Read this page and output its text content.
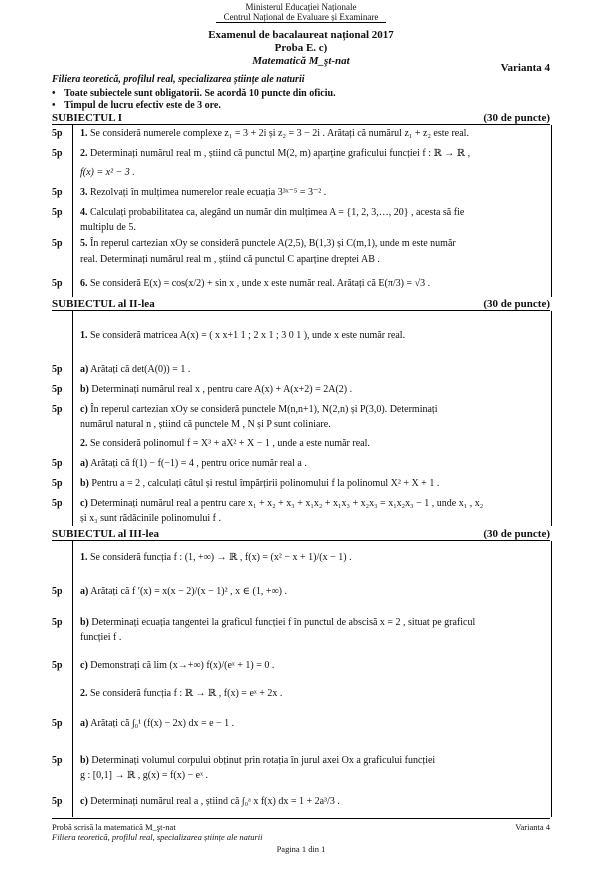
Ministerul Educației Naționale
Centrul Național de Evaluare și Examinare
Examenul de bacalaureat național 2017
Proba E. c)
Matematică M_şt-nat
Varianta 4
Filiera teoretică, profilul real, specializarea științe ale naturii
• Toate subiectele sunt obligatorii. Se acordă 10 puncte din oficiu.
• Timpul de lucru efectiv este de 3 ore.
SUBIECTUL I	(30 de puncte)
5p	1. Se consideră numerele complexe z₁ = 3 + 2i și z₂ = 3 − 2i . Arătați că numărul z₁ + z₂ este real.
5p	2. Determinați numărul real m , știind că punctul M(2, m) aparține graficului funcției f : ℝ → ℝ ,
f(x) = x² − 3 .
5p	3. Rezolvați în mulțimea numerelor reale ecuația 3³ˣ⁻⁵ = 3⁻² .
5p	4. Calculați probabilitatea ca, alegând un număr din mulțimea A = {1, 2, 3,…, 20} , acesta să fie
multiplu de 5.
5p	5. În reperul cartezian xOy se consideră punctele A(2,5), B(1,3) și C(m,1), unde m este număr
real. Determinați numărul real m , știind că punctul C aparține dreptei AB .
5p	6. Se consideră E(x) = cos(x/2) + sin x , unde x este număr real. Arătați că E(π/3) = √3 .
SUBIECTUL al II-lea	(30 de puncte)
1. Se consideră matricea A(x) = ( x x+1 1 ; 2 x 1 ; 3 0 1 ), unde x este număr real.
5p	a) Arătați că det(A(0)) = 1 .
5p	b) Determinați numărul real x , pentru care A(x) + A(x+2) = 2A(2) .
5p	c) În reperul cartezian xOy se consideră punctele M(n,n+1), N(2,n) și P(3,0). Determinați
numărul natural n , știind că punctele M , N și P sunt coliniare.
2. Se consideră polinomul f = X³ + aX² + X − 1 , unde a este număr real.
5p	a) Arătați că f(1) − f(−1) = 4 , pentru orice număr real a .
5p	b) Pentru a = 2 , calculați câtul și restul împărțirii polinomului f la polinomul X² + X + 1 .
5p	c) Determinați numărul real a pentru care x₁ + x₂ + x₃ + x₁x₂ + x₁x₃ + x₂x₃ = x₁x₂x₃ − 1 , unde x₁ , x₂
și x₃ sunt rădăcinile polinomului f .
SUBIECTUL al III-lea	(30 de puncte)
1. Se consideră funcția f : (1, +∞) → ℝ , f(x) = (x² − x + 1)/(x − 1) .
5p	a) Arătați că f ′(x) = x(x − 2)/(x − 1)² , x ∈ (1, +∞) .
5p	b) Determinați ecuația tangentei la graficul funcției f în punctul de abscisă x = 2 , situat pe graficul
funcției f .
5p	c) Demonstrați că lim (x→+∞) f(x)/(eˣ + 1) = 0 .
2. Se consideră funcția f : ℝ → ℝ , f(x) = eˣ + 2x .
5p	a) Arătați că ∫₀¹ (f(x) − 2x) dx = e − 1 .
5p	b) Determinați volumul corpului obținut prin rotația în jurul axei Ox a graficului funcției
g : [0,1] → ℝ , g(x) = f(x) − eˣ .
5p	c) Determinați numărul real a , știind că ∫₀ᵃ x f(x) dx = 1 + 2a³/3 .
Probă scrisă la matematică M_şt-nat
Filiera teoretică, profilul real, specializarea științe ale naturii
Varianta 4
Pagina 1 din 1
